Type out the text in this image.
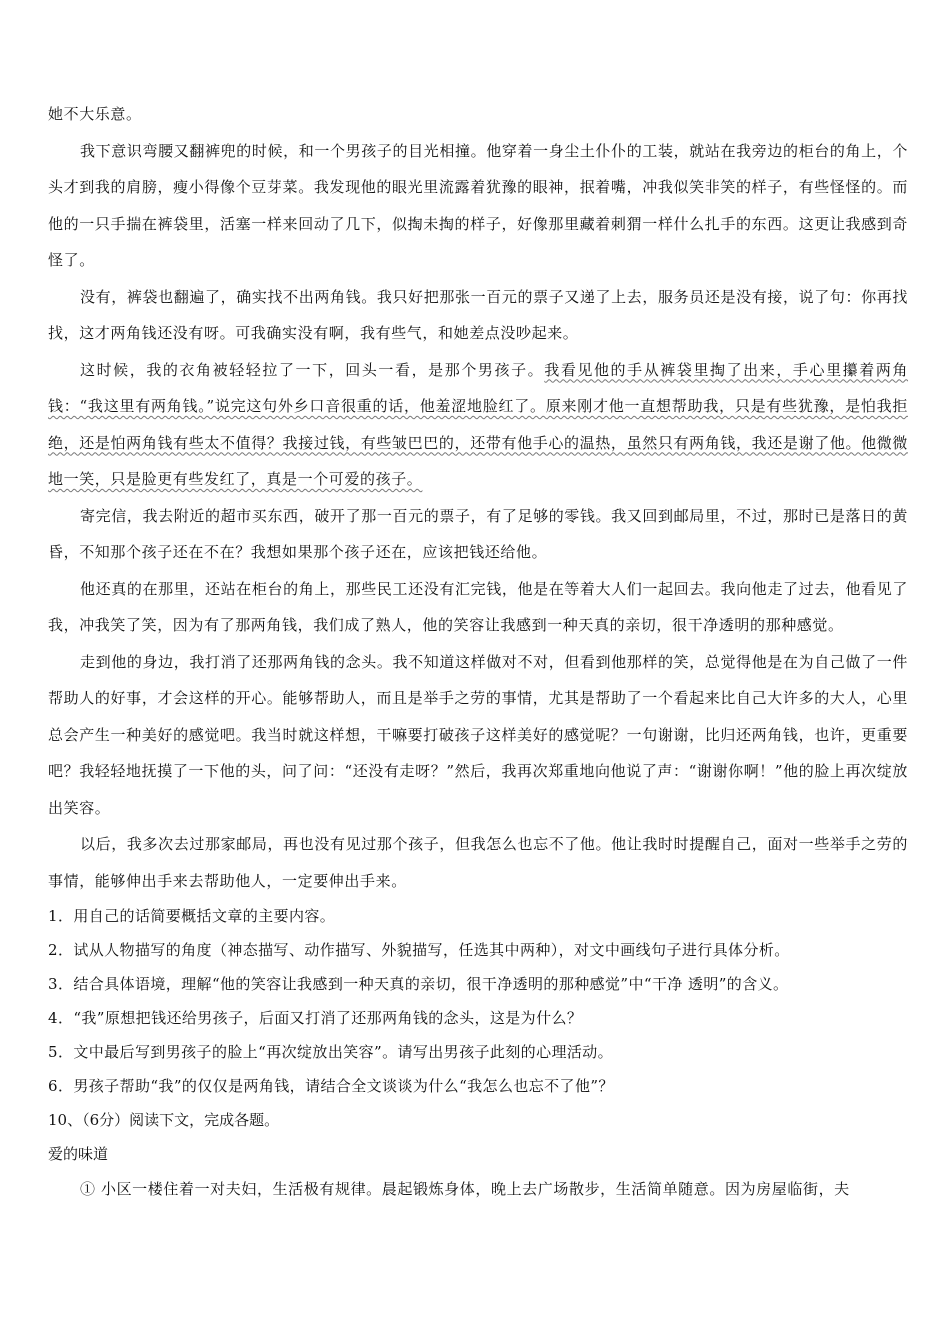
她不大乐意。

我下意识弯腰又翻裤兜的时候，和一个男孩子的目光相撞。他穿着一身尘土仆仆的工装，就站在我旁边的柜台的角上，个头才到我的肩膀，瘦小得像个豆芽菜。我发现他的眼光里流露着犹豫的眼神，抿着嘴，冲我似笑非笑的样子，有些怪怪的。而他的一只手揣在裤袋里，活塞一样来回动了几下，似掏未掏的样子，好像那里藏着刺猬一样什么扎手的东西。这更让我感到奇怪了。

没有，裤袋也翻遍了，确实找不出两角钱。我只好把那张一百元的票子又递了上去，服务员还是没有接，说了句：你再找找，这才两角钱还没有呀。可我确实没有啊，我有些气，和她差点没吵起来。

这时候，我的衣角被轻轻拉了一下，回头一看，是那个男孩子。我看见他的手从裤袋里掏了出来，手心里攥着两角钱：“我这里有两角钱。”说完这句外乡口音很重的话，他羞涩地脸红了。原来刚才他一直想帮助我，只是有些犹豫，是怕我拒绝，还是怕两角钱有些太不值得？我接过钱，有些皱巴巴的，还带有他手心的温热，虽然只有两角钱，我还是谢了他。他微微地一笑，只是脸更有些发红了，真是一个可爱的孩子。

寄完信，我去附近的超市买东西，破开了那一百元的票子，有了足够的零钱。我又回到邮局里，不过，那时已是落日的黄昏，不知那个孩子还在不在？我想如果那个孩子还在，应该把钱还给他。

他还真的在那里，还站在柜台的角上，那些民工还没有汇完钱，他是在等着大人们一起回去。我向他走了过去，他看见了我，冲我笑了笑，因为有了那两角钱，我们成了熟人，他的笑容让我感到一种天真的亲切，很干净透明的那种感觉。

走到他的身边，我打消了还那两角钱的念头。我不知道这样做对不对，但看到他那样的笑，总觉得他是在为自己做了一件帮助人的好事，才会这样的开心。能够帮助人，而且是举手之劳的事情，尤其是帮助了一个看起来比自己大许多的大人，心里总会产生一种美好的感觉吧。我当时就这样想，干嘛要打破孩子这样美好的感觉呢？一句谢谢，比归还两角钱，也许，更重要吧？我轻轻地抚摸了一下他的头，问了问：“还没有走呀？”然后，我再次郑重地向他说了声：“谢谢你啊！”他的脸上再次绽放出笑容。

以后，我多次去过那家邮局，再也没有见过那个孩子，但我怎么也忘不了他。他让我时时提醒自己，面对一些举手之劳的事情，能够伸出手来去帮助他人，一定要伸出手来。

1．用自己的话简要概括文章的主要内容。

2．试从人物描写的角度（神态描写、动作描写、外貌描写，任选其中两种），对文中画线句子进行具体分析。

3．结合具体语境，理解“他的笑容让我感到一种天真的亲切，很干净透明的那种感觉”中“干净 透明”的含义。

4．“我”原想把钱还给男孩子，后面又打消了还那两角钱的念头，这是为什么？

5．文中最后写到男孩子的脸上“再次绽放出笑容”。请写出男孩子此刻的心理活动。

6．男孩子帮助“我”的仅仅是两角钱，请结合全文谈谈为什么“我怎么也忘不了他”？

10、（6分）阅读下文，完成各题。

爱的味道

① 小区一楼住着一对夫妇，生活极有规律。晨起锻炼身体，晚上去广场散步，生活简单随意。因为房屋临街，夫
